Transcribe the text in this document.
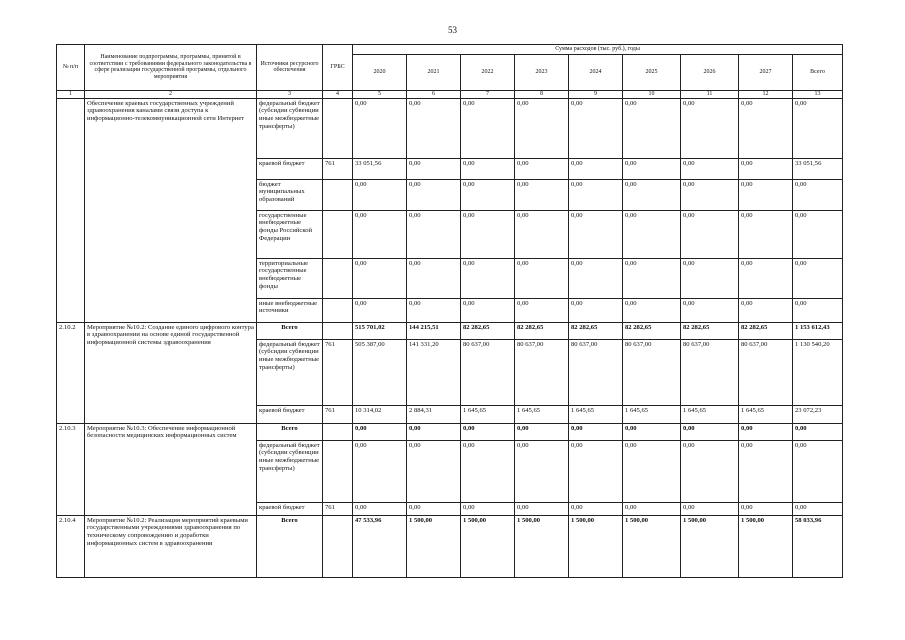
53
№ п/п	Наименование подпрограммы, программы, принятой в соответствии с требованиями федерального законодательства в сфере реализации государственной программы, отдельного мероприятия	Источники ресурсного обеспечения	ГРБС	Сумма расходов (тыс. руб.), годы								
				2020	2021	2022	2023	2024	2025	2026	2027	Всего
1	2	3	4	5	6	7	8	9	10	11	12	13
	Обеспечение краевых государственных учреждений здравоохранения каналами связи доступа к информационно-телекоммуникационной сети Интернет	федеральный бюджет (субсидии субвенции иные межбюджетные трансферты)		0,00	0,00	0,00	0,00	0,00	0,00	0,00	0,00	0,00
		краевой бюджет	761	33 051,56	0,00	0,00	0,00	0,00	0,00	0,00	0,00	33 051,56
		бюджет муниципальных образований		0,00	0,00	0,00	0,00	0,00	0,00	0,00	0,00	0,00
		государственные внебюджетные фонды Российской Федерации		0,00	0,00	0,00	0,00	0,00	0,00	0,00	0,00	0,00
		территориальные государственные внебюджетные фонды		0,00	0,00	0,00	0,00	0,00	0,00	0,00	0,00	0,00
		иные внебюджетные источники		0,00	0,00	0,00	0,00	0,00	0,00	0,00	0,00	0,00
2.10.2	Мероприятие №10.2: Создание единого цифрового контура в здравоохранении на основе единой государственной информационной системы здравоохранения	Всего		515 701,02	144 215,51	82 282,65	82 282,65	82 282,65	82 282,65	82 282,65	82 282,65	1 153 612,43
		федеральный бюджет (субсидии субвенции иные межбюджетные трансферты)	761	505 387,00	141 331,20	80 637,00	80 637,00	80 637,00	80 637,00	80 637,00	80 637,00	1 130 540,20
		краевой бюджет	761	10 314,02	2 884,31	1 645,65	1 645,65	1 645,65	1 645,65	1 645,65	1 645,65	23 072,23
2.10.3	Мероприятие №10.3: Обеспечение информационной безопасности медицинских информационных систем	Всего		0,00	0,00	0,00	0,00	0,00	0,00	0,00	0,00	0,00
		федеральный бюджет (субсидии субвенции иные межбюджетные трансферты)		0,00	0,00	0,00	0,00	0,00	0,00	0,00	0,00	0,00
		краевой бюджет	761	0,00	0,00	0,00	0,00	0,00	0,00	0,00	0,00	0,00
2.10.4	Мероприятие №10.2: Реализация мероприятий краевыми государственными учреждениями здравоохранения по техническому сопровождению и доработки информационных систем в здравоохранении	Всего		47 533,96	1 500,00	1 500,00	1 500,00	1 500,00	1 500,00	1 500,00	1 500,00	58 033,96
